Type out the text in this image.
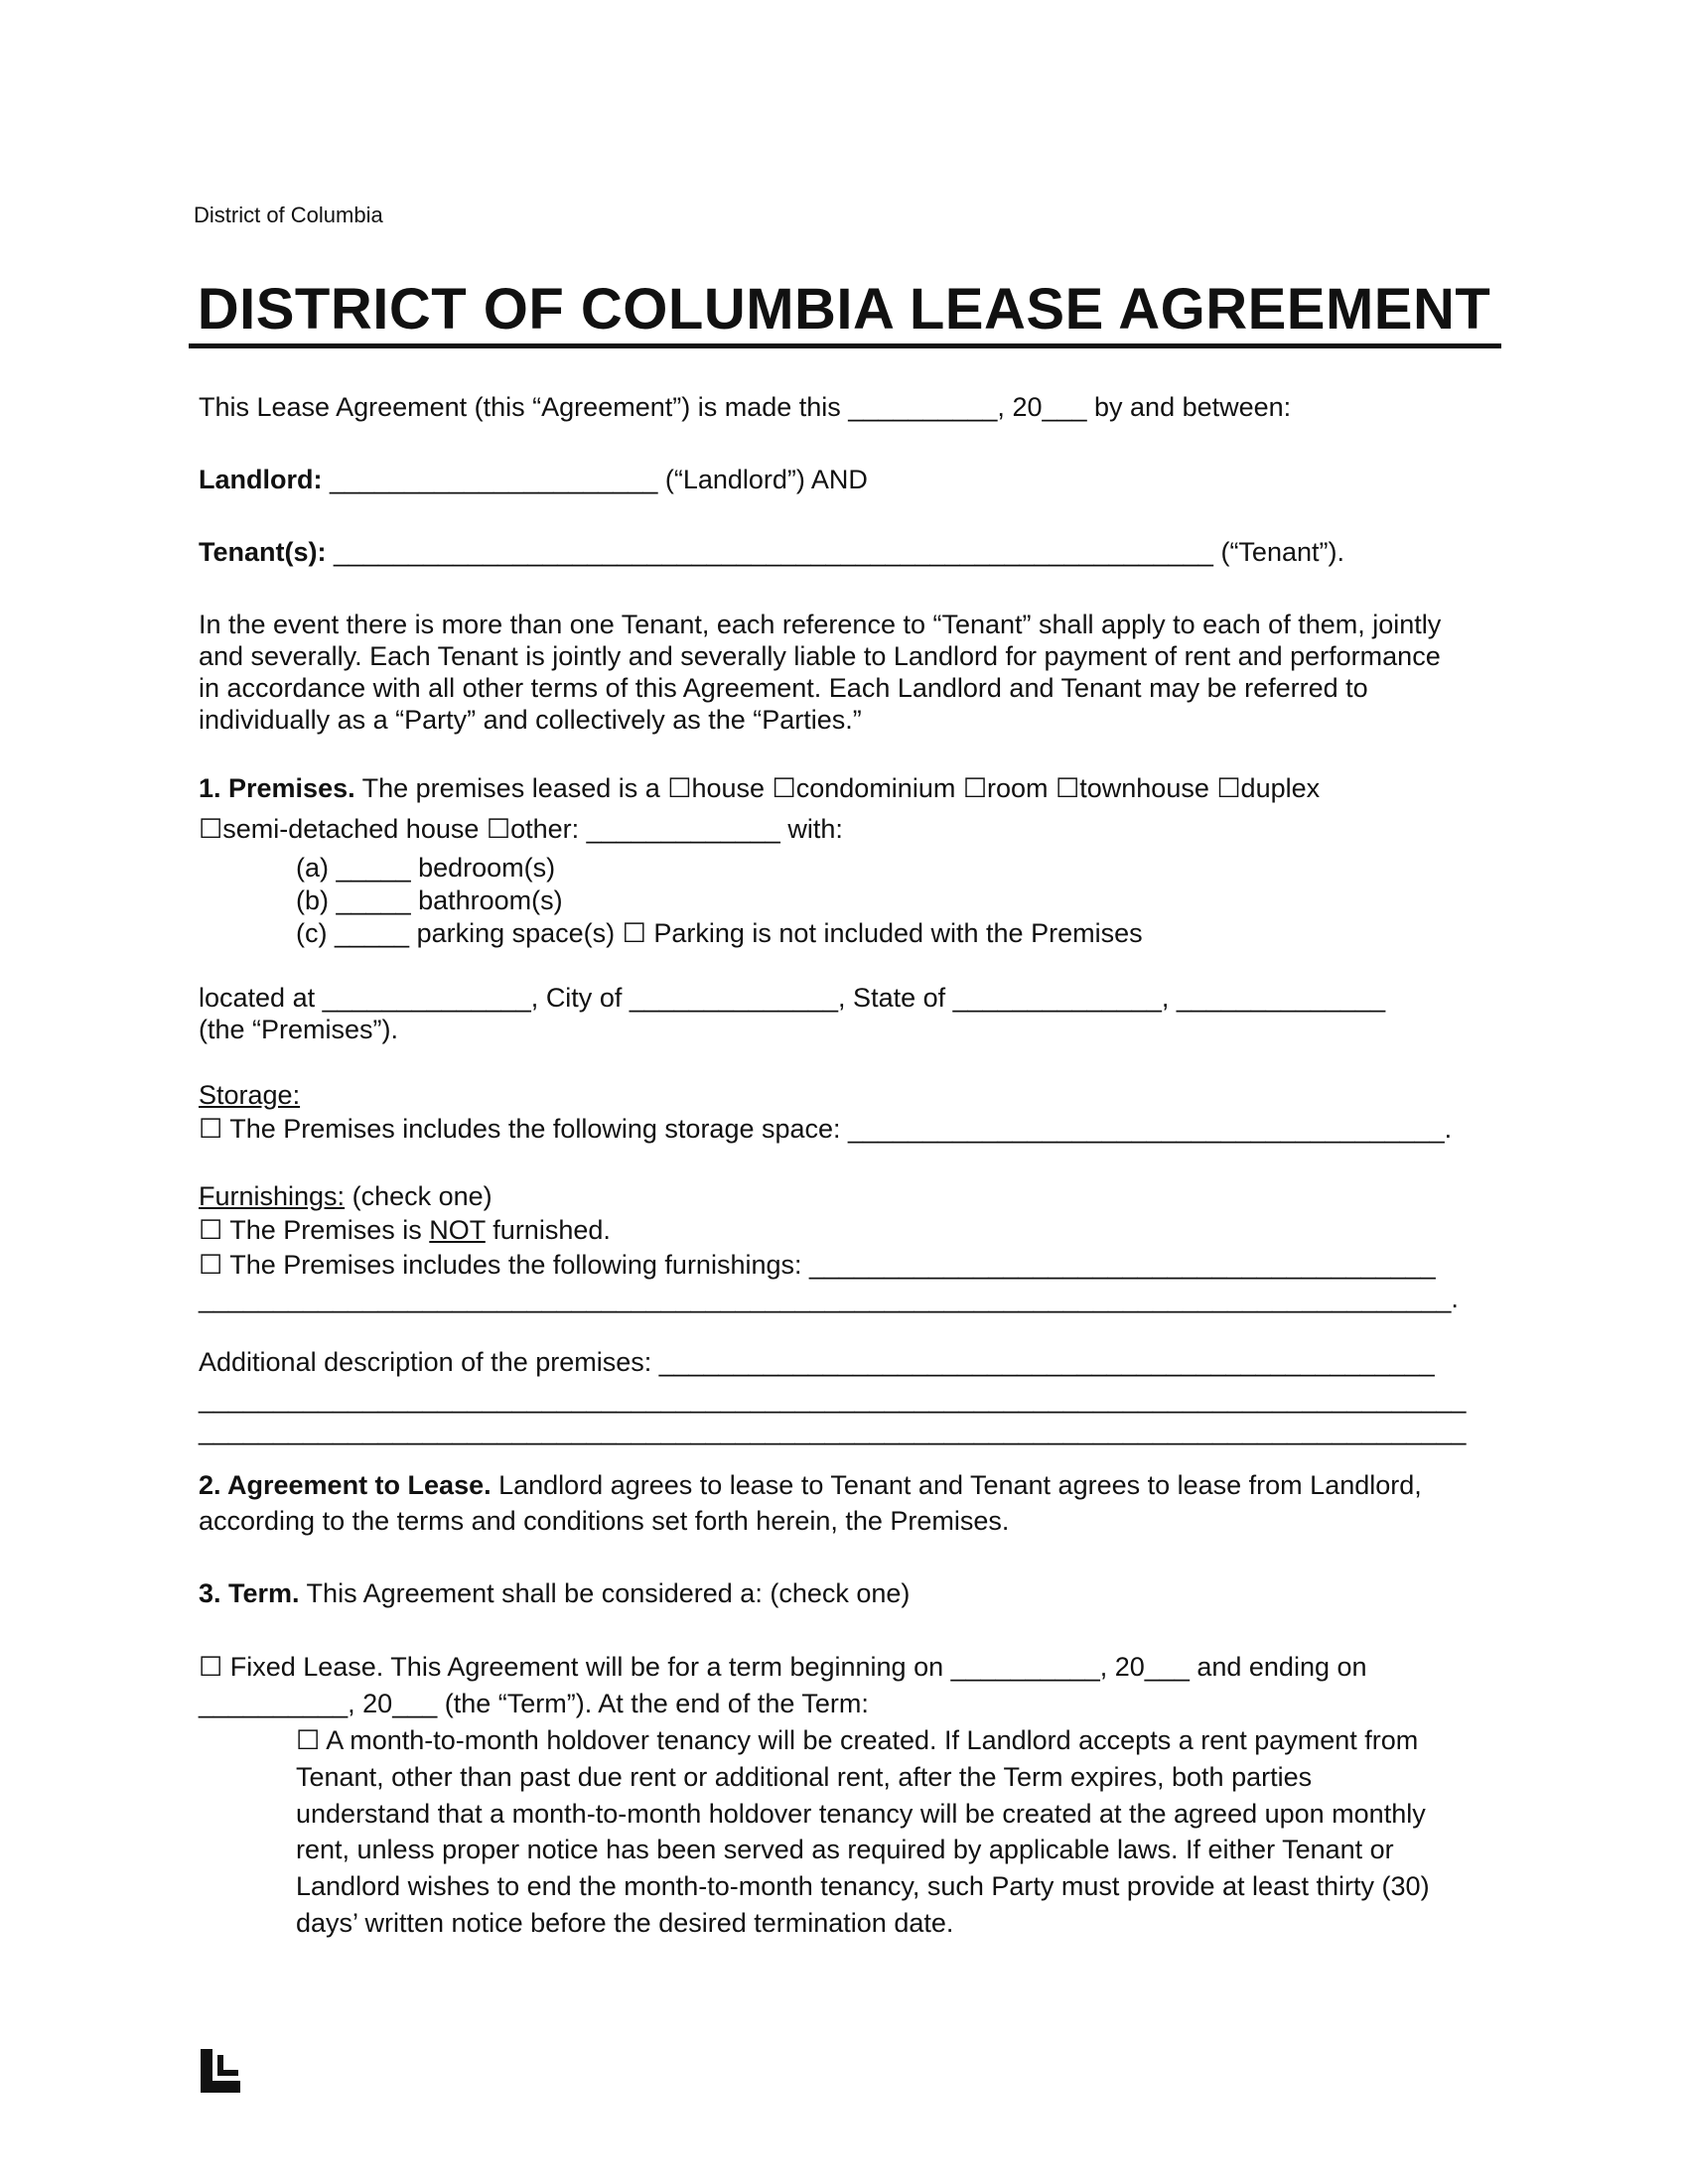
District of Columbia
DISTRICT OF COLUMBIA LEASE AGREEMENT
This Lease Agreement (this “Agreement”) is made this __________, 20___ by and between:
Landlord: ______________________ (“Landlord”) AND
Tenant(s): ___________________________________________________________ (“Tenant”).
In the event there is more than one Tenant, each reference to “Tenant” shall apply to each of them, jointly
and severally. Each Tenant is jointly and severally liable to Landlord for payment of rent and performance
in accordance with all other terms of this Agreement. Each Landlord and Tenant may be referred to
individually as a “Party” and collectively as the “Parties.”
1. Premises. The premises leased is a ☐house ☐condominium ☐room ☐townhouse ☐duplex
☐semi-detached house ☐other: _____________ with:
(a) _____ bedroom(s)
(b) _____ bathroom(s)
(c) _____ parking space(s) ☐ Parking is not included with the Premises
located at ______________, City of ______________, State of ______________, ______________
(the “Premises”).
Storage:
☐ The Premises includes the following storage space: ________________________________________.
Furnishings: (check one)
☐ The Premises is NOT furnished.
☐ The Premises includes the following furnishings: __________________________________________
____________________________________________________________________________________.
Additional description of the premises: ____________________________________________________
_____________________________________________________________________________________
_____________________________________________________________________________________
2. Agreement to Lease. Landlord agrees to lease to Tenant and Tenant agrees to lease from Landlord,
according to the terms and conditions set forth herein, the Premises.
3. Term. This Agreement shall be considered a: (check one)
☐ Fixed Lease. This Agreement will be for a term beginning on __________, 20___ and ending on
__________, 20___ (the “Term”). At the end of the Term:
☐ A month-to-month holdover tenancy will be created. If Landlord accepts a rent payment from
Tenant, other than past due rent or additional rent, after the Term expires, both parties
understand that a month-to-month holdover tenancy will be created at the agreed upon monthly
rent, unless proper notice has been served as required by applicable laws. If either Tenant or
Landlord wishes to end the month-to-month tenancy, such Party must provide at least thirty (30)
days’ written notice before the desired termination date.
